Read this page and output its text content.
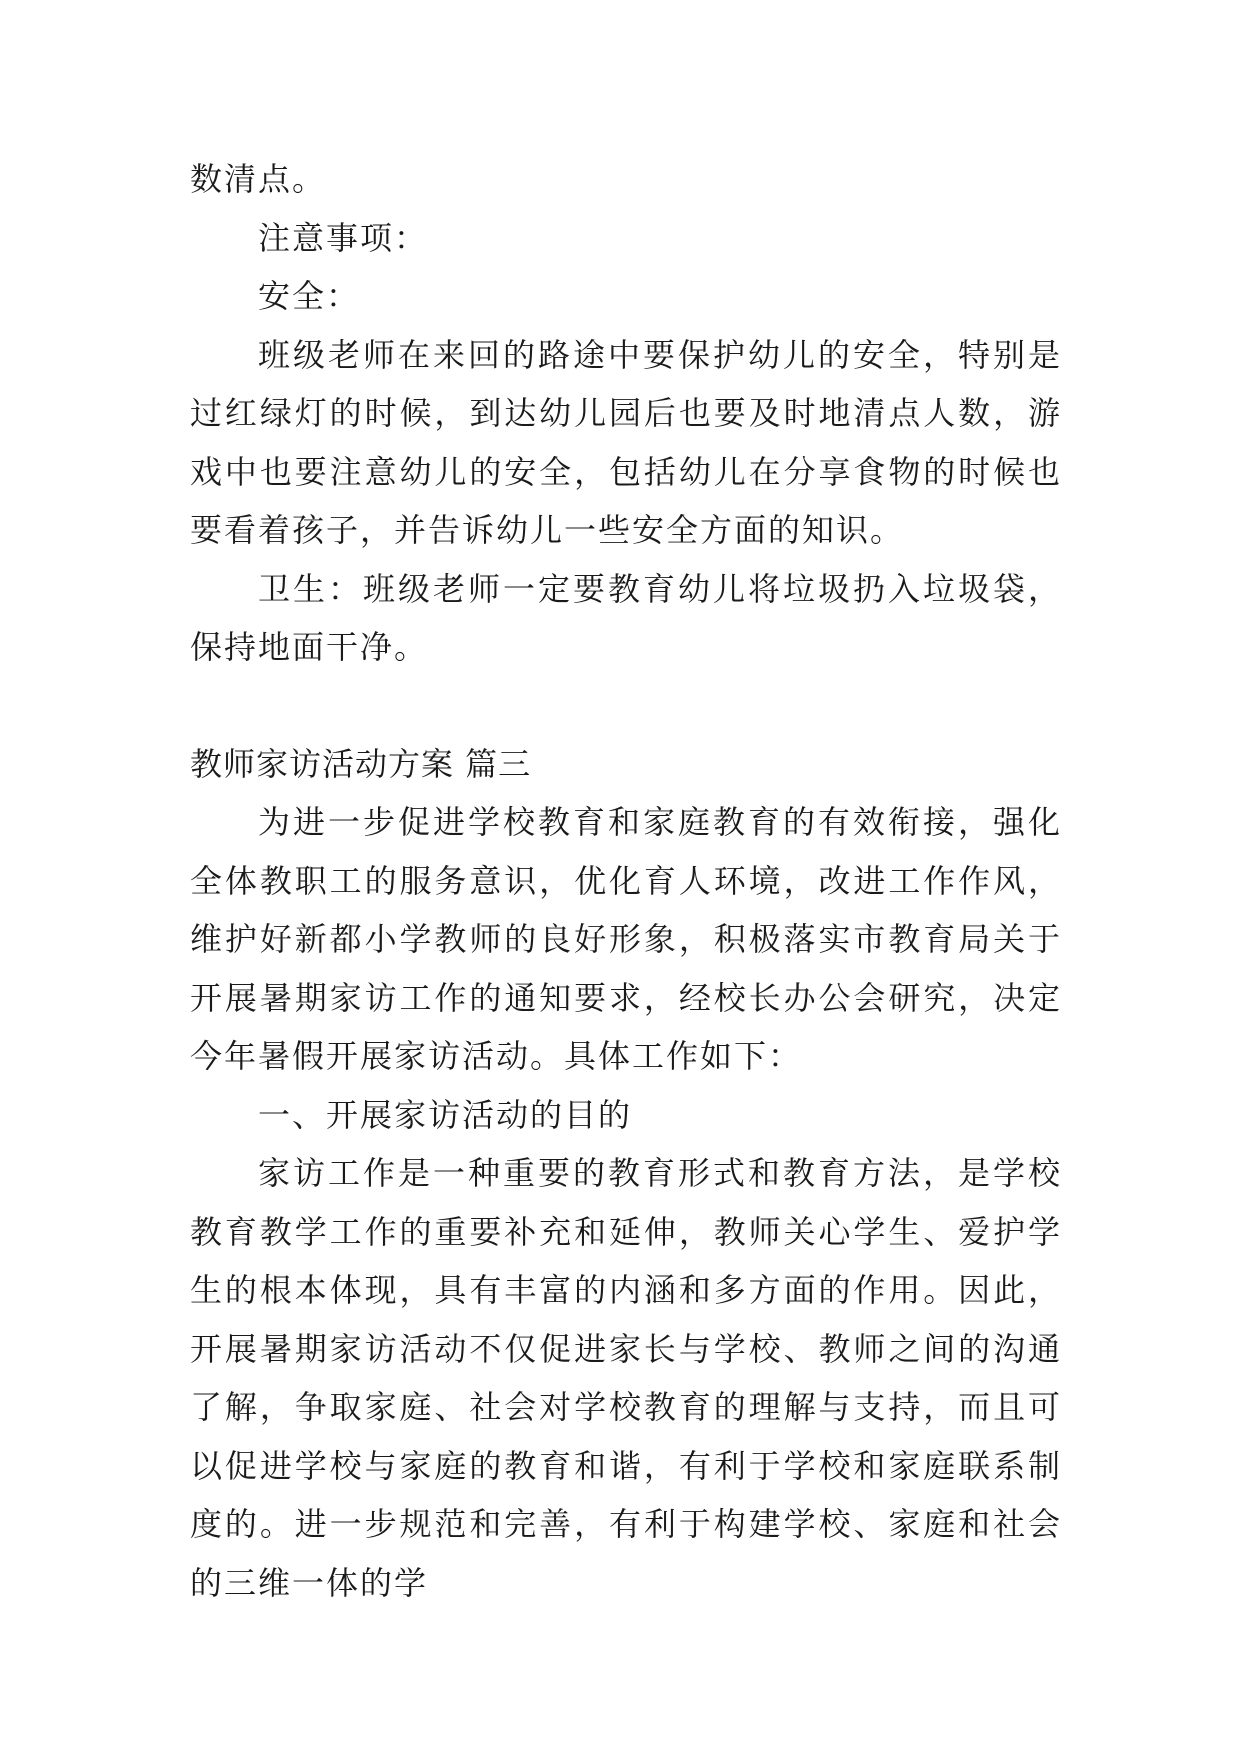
数清点。

注意事项：

安全：

班级老师在来回的路途中要保护幼儿的安全，特别是过红绿灯的时候，到达幼儿园后也要及时地清点人数，游戏中也要注意幼儿的安全，包括幼儿在分享食物的时候也要看着孩子，并告诉幼儿一些安全方面的知识。

卫生：班级老师一定要教育幼儿将垃圾扔入垃圾袋，保持地面干净。

教师家访活动方案 篇三

为进一步促进学校教育和家庭教育的有效衔接，强化全体教职工的服务意识，优化育人环境，改进工作作风，维护好新都小学教师的良好形象，积极落实市教育局关于开展暑期家访工作的通知要求，经校长办公会研究，决定今年暑假开展家访活动。具体工作如下：

一、开展家访活动的目的

家访工作是一种重要的教育形式和教育方法，是学校教育教学工作的重要补充和延伸，教师关心学生、爱护学生的根本体现，具有丰富的内涵和多方面的作用。因此，开展暑期家访活动不仅促进家长与学校、教师之间的沟通了解，争取家庭、社会对学校教育的理解与支持，而且可以促进学校与家庭的教育和谐，有利于学校和家庭联系制度的。进一步规范和完善，有利于构建学校、家庭和社会的三维一体的学
